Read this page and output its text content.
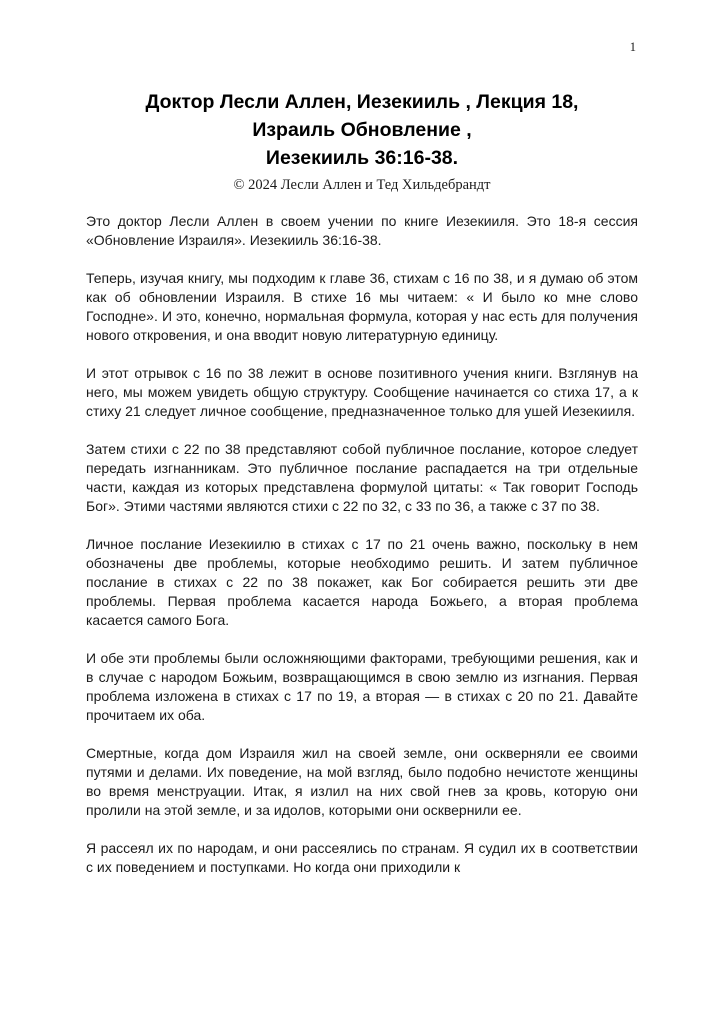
1
Доктор Лесли Аллен, Иезекииль , Лекция 18,
Израиль Обновление ,
Иезекииль 36:16-38.
© 2024 Лесли Аллен и Тед Хильдебрандт

Это доктор Лесли Аллен в своем учении по книге Иезекииля. Это 18-я сессия «Обновление Израиля». Иезекииль 36:16-38.

Теперь, изучая книгу, мы подходим к главе 36, стихам с 16 по 38, и я думаю об этом как об обновлении Израиля. В стихе 16 мы читаем: « И было ко мне слово Господне». И это, конечно, нормальная формула, которая у нас есть для получения нового откровения, и она вводит новую литературную единицу.

И этот отрывок с 16 по 38 лежит в основе позитивного учения книги. Взглянув на него, мы можем увидеть общую структуру. Сообщение начинается со стиха 17, а к стиху 21 следует личное сообщение, предназначенное только для ушей Иезекииля.

Затем стихи с 22 по 38 представляют собой публичное послание, которое следует передать изгнанникам. Это публичное послание распадается на три отдельные части, каждая из которых представлена формулой цитаты: « Так говорит Господь Бог». Этими частями являются стихи с 22 по 32, с 33 по 36, а также с 37 по 38.

Личное послание Иезекиилю в стихах с 17 по 21 очень важно, поскольку в нем обозначены две проблемы, которые необходимо решить. И затем публичное послание в стихах с 22 по 38 покажет, как Бог собирается решить эти две проблемы. Первая проблема касается народа Божьего, а вторая проблема касается самого Бога.

И обе эти проблемы были осложняющими факторами, требующими решения, как и в случае с народом Божьим, возвращающимся в свою землю из изгнания. Первая проблема изложена в стихах с 17 по 19, а вторая — в стихах с 20 по 21. Давайте прочитаем их оба.

Смертные, когда дом Израиля жил на своей земле, они оскверняли ее своими путями и делами. Их поведение, на мой взгляд, было подобно нечистоте женщины во время менструации. Итак, я излил на них свой гнев за кровь, которую они пролили на этой земле, и за идолов, которыми они осквернили ее.

Я рассеял их по народам, и они рассеялись по странам. Я судил их в соответствии с их поведением и поступками. Но когда они приходили к
